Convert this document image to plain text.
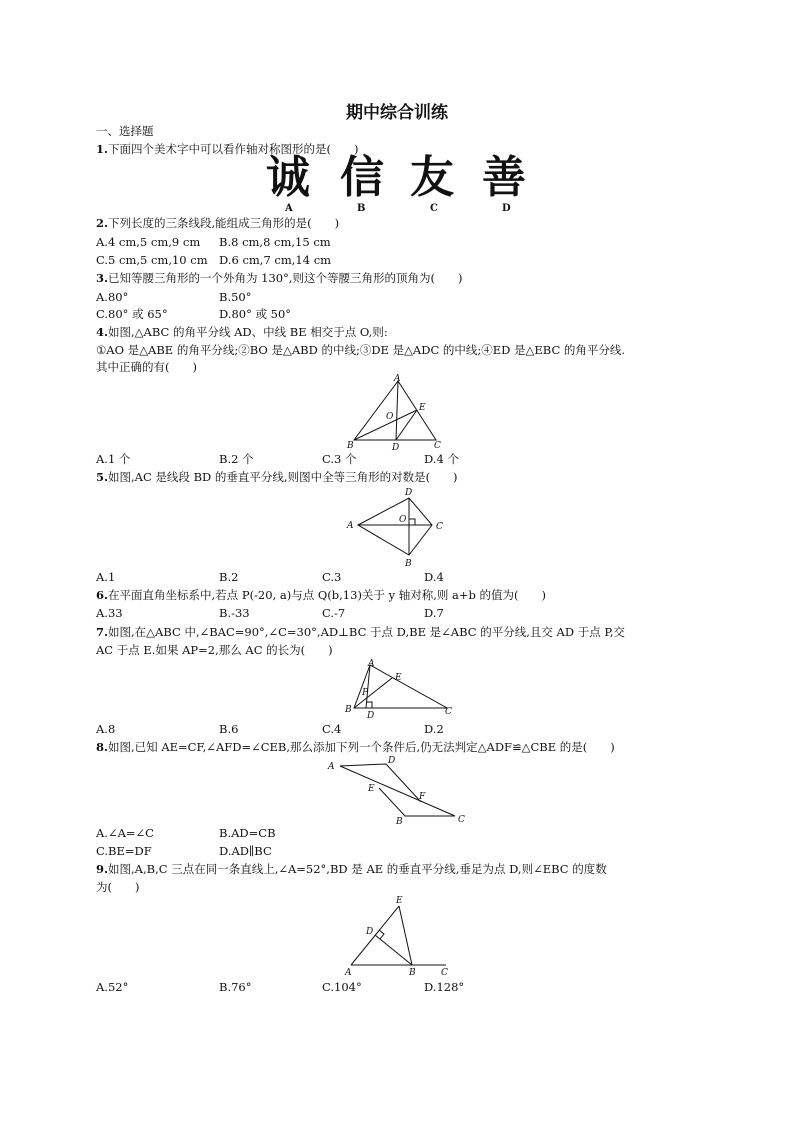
期中综合训练
一、选择题
1.下面四个美术字中可以看作轴对称图形的是(　　)
诚 信 友 善
A	B	C	D
2.下列长度的三条线段,能组成三角形的是(　　)
A.4 cm,5 cm,9 cm B.8 cm,8 cm,15 cm
C.5 cm,5 cm,10 cm D.6 cm,7 cm,14 cm
3.已知等腰三角形的一个外角为 130°,则这个等腰三角形的顶角为(　　)
A.80°	B.50°
C.80° 或 65°	D.80° 或 50°
4.如图,△ABC 的角平分线 AD、中线 BE 相交于点 O,则:
①AO 是△ABE 的角平分线;②BO 是△ABD 的中线;③DE 是△ADC 的中线;④ED 是△EBC 的角平分线.
其中正确的有(　　)
A
B	C
D
E
O
A.1 个	B.2 个	C.3 个	D.4 个
5.如图,AC 是线段 BD 的垂直平分线,则图中全等三角形的对数是(　　)
A
B
C
D
O
A.1	B.2	C.3	D.4
6.在平面直角坐标系中,若点 P(-20, a)与点 Q(b,13)关于 y 轴对称,则 a+b 的值为(　　)
A.33	B.-33	C.-7	D.7
7.如图,在△ABC 中,∠BAC=90°,∠C=30°,AD⊥BC 于点 D,BE 是∠ABC 的平分线,且交 AD 于点 P,交
AC 于点 E.如果 AP=2,那么 AC 的长为(　　)
A
B	C
D
E
P
A.8	B.6	C.4	D.2
8.如图,已知 AE=CF,∠AFD=∠CEB,那么添加下列一个条件后,仍无法判定△ADF≌△CBE 的是(　　)
A
B	C
D
E
F
A.∠A=∠C	B.AD=CB
C.BE=DF	D.AD∥BC
9.如图,A,B,C 三点在同一条直线上,∠A=52°,BD 是 AE 的垂直平分线,垂足为点 D,则∠EBC 的度数
为(　　)
A	B	C
D
E
A.52°	B.76°	C.104°	D.128°
